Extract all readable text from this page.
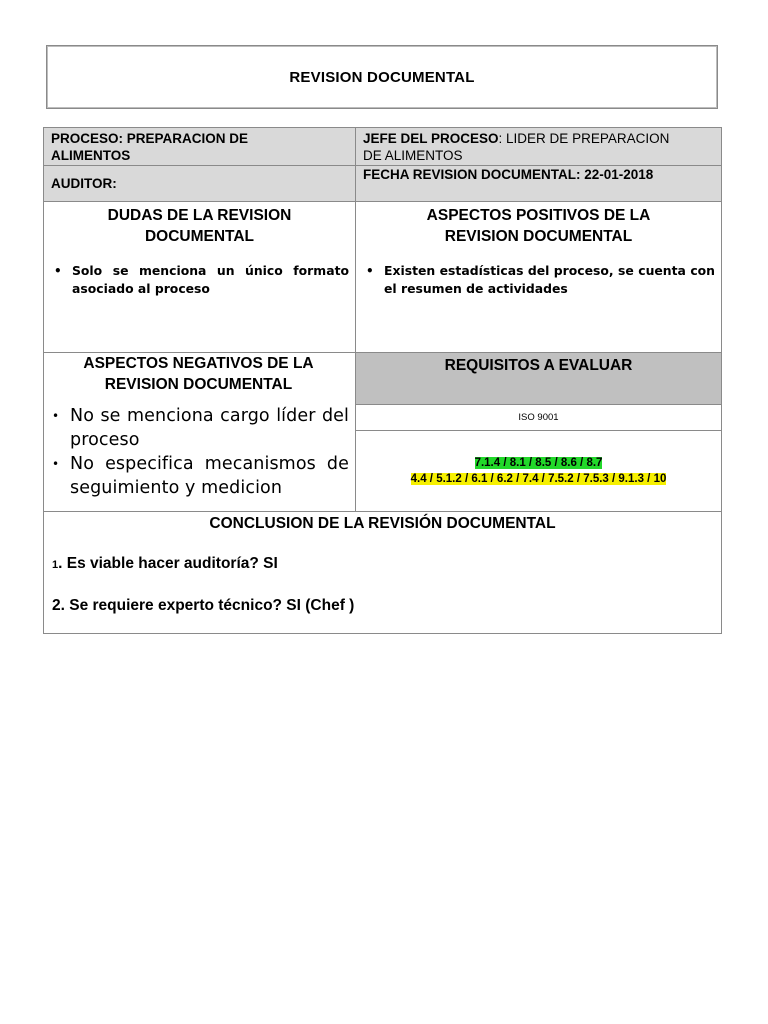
REVISION DOCUMENTAL
PROCESO: PREPARACION DE
ALIMENTOS
JEFE DEL PROCESO: LIDER DE PREPARACION
DE ALIMENTOS
AUDITOR:
FECHA REVISION DOCUMENTAL: 22-01-2018
DUDAS DE LA REVISION
DOCUMENTAL
• Solo se menciona un único formato asociado al proceso
ASPECTOS POSITIVOS DE LA
REVISION DOCUMENTAL
• Existen estadísticas del proceso, se cuenta con el resumen de actividades
ASPECTOS NEGATIVOS DE LA
REVISION DOCUMENTAL
• No se menciona cargo líder del proceso
• No especifica mecanismos de seguimiento y medicion
REQUISITOS A EVALUAR
ISO 9001
7.1.4 / 8.1 / 8.5 / 8.6 / 8.7
4.4 / 5.1.2 / 6.1 / 6.2 / 7.4 / 7.5.2 / 7.5.3 / 9.1.3 / 10
CONCLUSION DE LA REVISIÓN DOCUMENTAL
1. Es viable hacer auditoría? SI
2. Se requiere experto técnico? SI (Chef )
